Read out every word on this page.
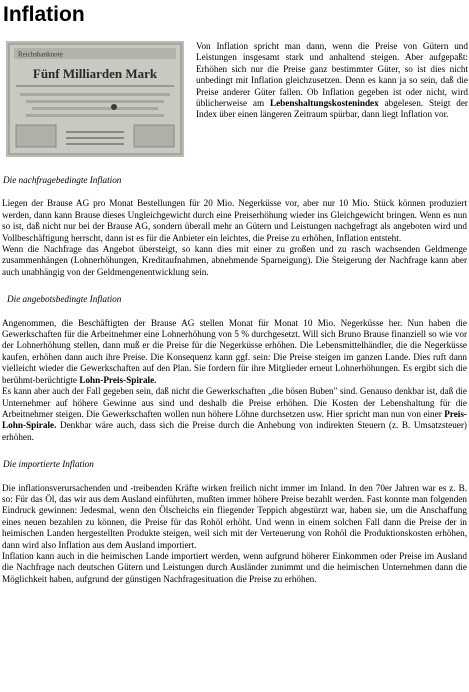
Inflation
Reichsbanknote
Fünf Milliarden Mark

Von Inflation spricht man dann, wenn die Preise von Gütern und Leistungen insgesamt stark und anhaltend steigen. Aber aufgepaßt: Erhöhen sich nur die Preise ganz bestimmter Güter, so ist dies nicht unbedingt mit Inflation gleichzusetzen. Denn es kann ja so sein, daß die Preise anderer Güter fallen. Ob Inflation gegeben ist oder nicht, wird üblicherweise am Lebenshaltungskostenindex abgelesen. Steigt der Index über einen längeren Zeitraum spürbar, dann liegt Inflation vor.

Die nachfragebedingte Inflation

Liegen der Brause AG pro Monat Bestellungen für 20 Mio. Negerküsse vor, aber nur 10 Mio. Stück können produziert werden, dann kann Brause dieses Ungleichgewicht durch eine Preiserhöhung wieder ins Gleichgewicht bringen. Wenn es nun so ist, daß nicht nur bei der Brause AG, sondern überall mehr an Gütern und Leistungen nachgefragt als angeboten wird und Vollbeschäftigung herrscht, dann ist es für die Anbieter ein leichtes, die Preise zu erhöhen, Inflation entsteht.

Wenn die Nachfrage das Angebot übersteigt, so kann dies mit einer zu großen und zu rasch wachsenden Geldmenge zusammenhängen (Lohnerhöhungen, Kreditaufnahmen, abnehmende Sparneigung). Die Steigerung der Nachfrage kann aber auch unabhängig von der Geldmengenentwicklung sein.

Die angebotsbedingte Inflation

Angenommen, die Beschäftigten der Brause AG stellen Monat für Monat 10 Mio. Negerküsse her. Nun haben die Gewerkschaften für die Arbeitnehmer eine Lohnerhöhung von 5 % durchgesetzt. Will sich Bruno Brause finanziell so wie vor der Lohnerhöhung stellen, dann muß er die Preise für die Negerküsse erhöhen. Die Lebensmittelhändler, die die Negerküsse kaufen, erhöhen dann auch ihre Preise. Die Konsequenz kann ggf. sein: Die Preise steigen im ganzen Lande. Dies ruft dann vielleicht wieder die Gewerkschaften auf den Plan. Sie fordern für ihre Mitglieder erneut Lohnerhöhungen. Es ergibt sich die berühmt-berüchtigte Lohn-Preis-Spirale.

Es kann aber auch der Fall gegeben sein, daß nicht die Gewerkschaften „die bösen Buben" sind. Genauso denkbar ist, daß die Unternehmer auf höhere Gewinne aus sind und deshalb die Preise erhöhen. Die Kosten der Lebenshaltung für die Arbeitnehmer steigen. Die Gewerkschaften wollen nun höhere Löhne durchsetzen usw. Hier spricht man nun von einer Preis-Lohn-Spirale. Denkbar wäre auch, dass sich die Preise durch die Anhebung von indirekten Steuern (z. B. Umsatzsteuer) erhöhen.

Die importierte Inflation

Die inflationsverursachenden und -treibenden Kräfte wirken freilich nicht immer im Inland. In den 70er Jahren war es z. B. so: Für das Öl, das wir aus dem Ausland einführten, mußten immer höhere Preise bezahlt werden. Fast konnte man folgenden Eindruck gewinnen: Jedesmal, wenn den Ölscheichs ein fliegender Teppich abgestürzt war, haben sie, um die Anschaffung eines neuen bezahlen zu können, die Preise für das Rohöl erhöht. Und wenn in einem solchen Fall dann die Preise der in heimischen Landen hergestellten Produkte steigen, weil sich mit der Verteuerung von Rohöl die Produktionskosten erhöhen, dann wird also Inflation aus dem Ausland importiert.

Inflation kann auch in die heimischen Lande importiert werden, wenn aufgrund höherer Einkommen oder Preise im Ausland die Nachfrage nach deutschen Gütern und Leistungen durch Ausländer zunimmt und die heimischen Unternehmen dann die Möglichkeit haben, aufgrund der günstigen Nachfragesituation die Preise zu erhöhen.
